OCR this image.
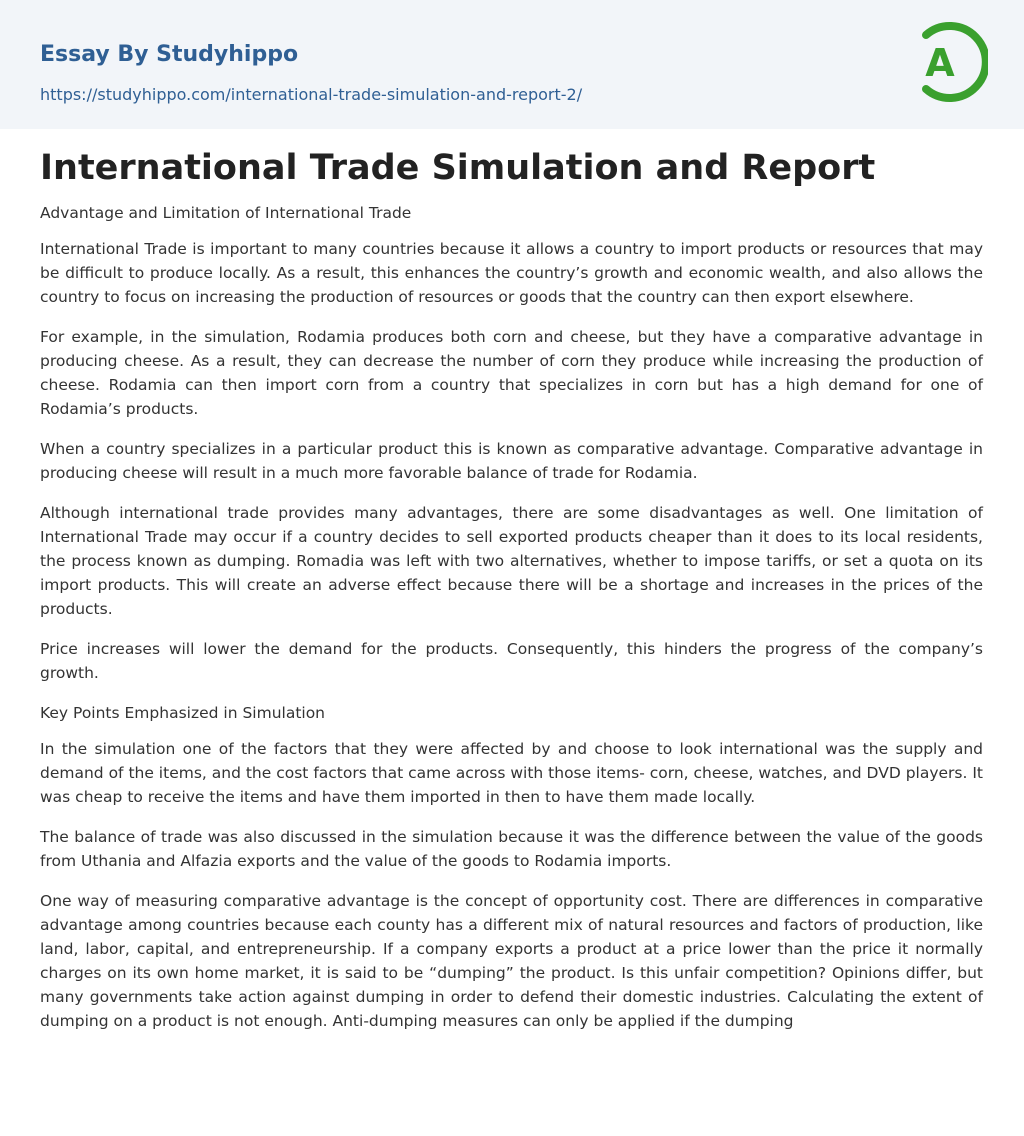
Essay By Studyhippo
https://studyhippo.com/international-trade-simulation-and-report-2/
A
International Trade Simulation and Report

Advantage and Limitation of International Trade

International Trade is important to many countries because it allows a country to import products or resources that may be difficult to produce locally. As a result, this enhances the country’s growth and economic wealth, and also allows the country to focus on increasing the production of resources or goods that the country can then export elsewhere.

For example, in the simulation, Rodamia produces both corn and cheese, but they have a comparative advantage in producing cheese. As a result, they can decrease the number of corn they produce while increasing the production of cheese. Rodamia can then import corn from a country that specializes in corn but has a high demand for one of Rodamia’s products.

When a country specializes in a particular product this is known as comparative advantage. Comparative advantage in producing cheese will result in a much more favorable balance of trade for Rodamia.

Although international trade provides many advantages, there are some disadvantages as well. One limitation of International Trade may occur if a country decides to sell exported products cheaper than it does to its local residents, the process known as dumping. Romadia was left with two alternatives, whether to impose tariffs, or set a quota on its import products. This will create an adverse effect because there will be a shortage and increases in the prices of the products.

Price increases will lower the demand for the products. Consequently, this hinders the progress of the company’s growth.

Key Points Emphasized in Simulation

In the simulation one of the factors that they were affected by and choose to look international was the supply and demand of the items, and the cost factors that came across with those items- corn, cheese, watches, and DVD players. It was cheap to receive the items and have them imported in then to have them made locally.

The balance of trade was also discussed in the simulation because it was the difference between the value of the goods from Uthania and Alfazia exports and the value of the goods to Rodamia imports.

One way of measuring comparative advantage is the concept of opportunity cost. There are differences in comparative advantage among countries because each county has a different mix of natural resources and factors of production, like land, labor, capital, and entrepreneurship. If a company exports a product at a price lower than the price it normally charges on its own home market, it is said to be “dumping” the product. Is this unfair competition? Opinions differ, but many governments take action against dumping in order to defend their domestic industries. Calculating the extent of dumping on a product is not enough. Anti-dumping measures can only be applied if the dumping
